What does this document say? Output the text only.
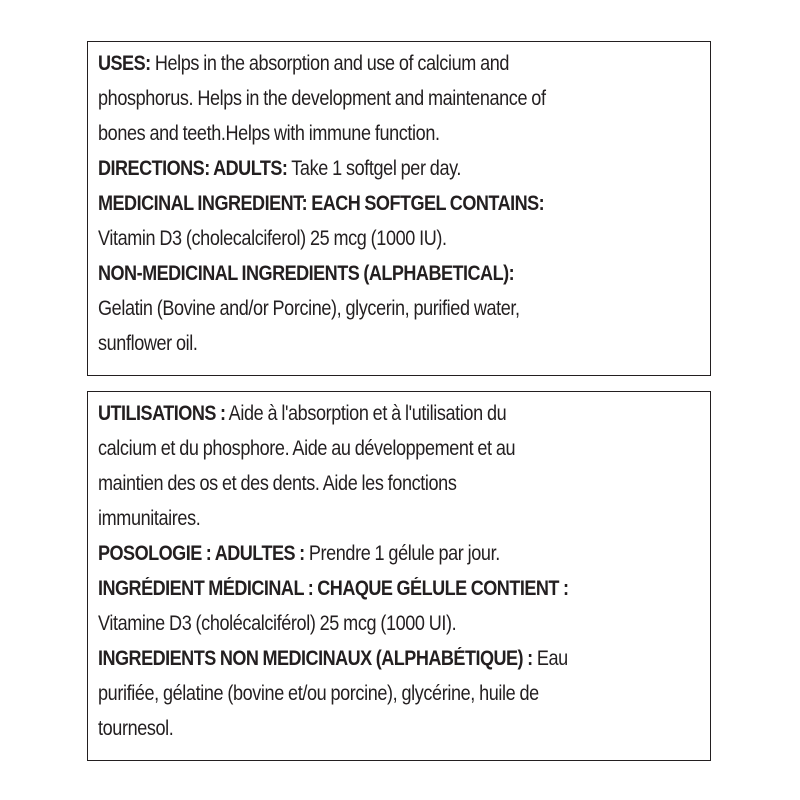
USES: Helps in the absorption and use of calcium and
phosphorus. Helps in the development and maintenance of
bones and teeth.Helps with immune function.
DIRECTIONS: ADULTS: Take 1 softgel per day.
MEDICINAL INGREDIENT: EACH SOFTGEL CONTAINS:
Vitamin D3 (cholecalciferol) 25 mcg (1000 IU).
NON-MEDICINAL INGREDIENTS (ALPHABETICAL):
Gelatin (Bovine and/or Porcine), glycerin, purified water,
sunflower oil.
UTILISATIONS : Aide à l'absorption et à l'utilisation du
calcium et du phosphore. Aide au développement et au
maintien des os et des dents. Aide les fonctions
immunitaires.
POSOLOGIE : ADULTES : Prendre 1 gélule par jour.
INGRÉDIENT MÉDICINAL : CHAQUE GÉLULE CONTIENT :
Vitamine D3 (cholécalciférol) 25 mcg (1000 UI).
INGREDIENTS NON MEDICINAUX (ALPHABÉTIQUE) : Eau
purifiée, gélatine (bovine et/ou porcine), glycérine, huile de
tournesol.
